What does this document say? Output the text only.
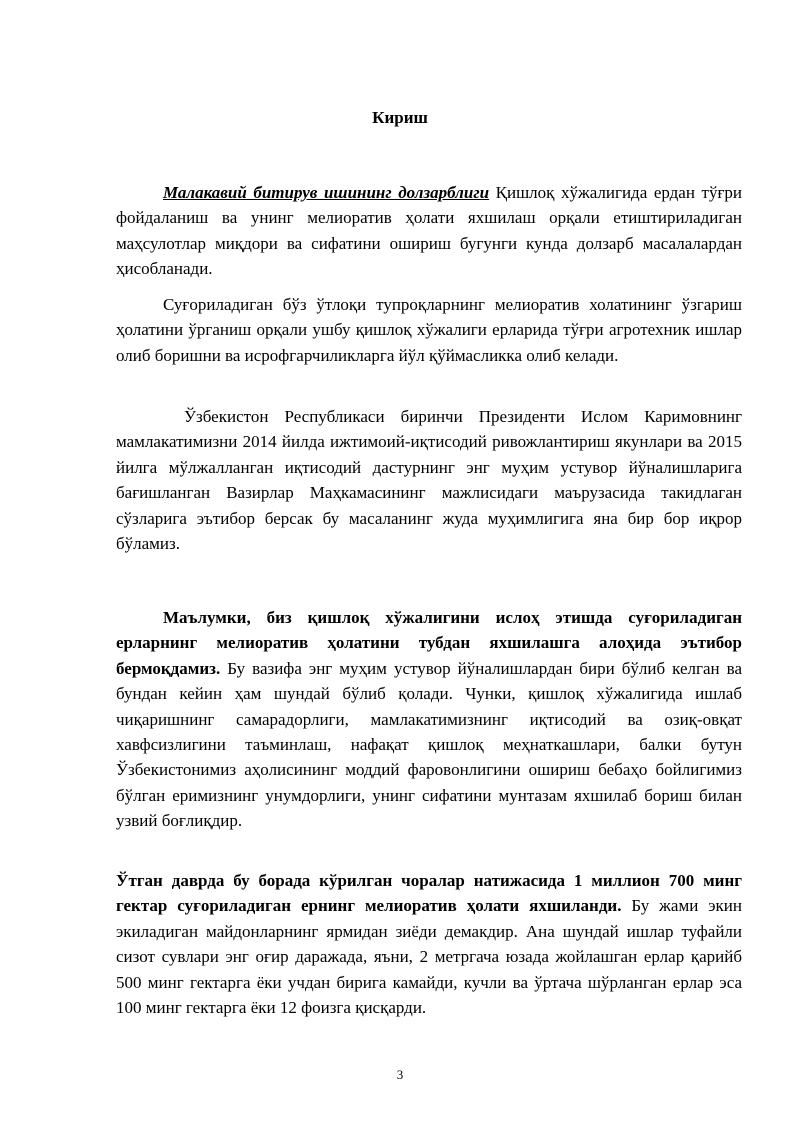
Кириш

Малакавий битирув ишининг долзарблиги Қишлоқ хўжалигида ердан тўғри фойдаланиш ва унинг мелиоратив ҳолати яхшилаш орқали етиштириладиган маҳсулотлар миқдори ва сифатини ошириш бугунги кунда долзарб масалалардан ҳисобланади.

Суғориладиган бўз ўтлоқи тупроқларнинг мелиоратив холатининг ўзгариш ҳолатини ўрганиш орқали ушбу қишлоқ хўжалиги ерларида тўғри агротехник ишлар олиб боришни ва исрофгарчиликларга йўл қўймасликка олиб келади.

Ўзбекистон Республикаси биринчи Президенти Ислом Каримовнинг мамлакатимизни 2014 йилда ижтимоий-иқтисодий ривожлантириш якунлари ва 2015 йилга мўлжалланган иқтисодий дастурнинг энг муҳим устувор йўналишларига бағишланган Вазирлар Маҳкамасининг мажлисидаги маърузасида такидлаган сўзларига эътибор берсак бу масаланинг жуда муҳимлигига яна бир бор иқрор бўламиз.

Маълумки, биз қишлоқ хўжалигини ислоҳ этишда суғориладиган ерларнинг мелиоратив ҳолатини тубдан яхшилашга алоҳида эътибор бермоқдамиз. Бу вазифа энг муҳим устувор йўналишлардан бири бўлиб келган ва бундан кейин ҳам шундай бўлиб қолади. Чунки, қишлоқ хўжалигида ишлаб чиқаришнинг самарадорлиги, мамлакатимизнинг иқтисодий ва озиқ-овқат хавфсизлигини таъминлаш, нафақат қишлоқ меҳнаткашлари, балки бутун Ўзбекистонимиз аҳолисининг моддий фаровонлигини ошириш бебаҳо бойлигимиз бўлган еримизнинг унумдорлиги, унинг сифатини мунтазам яхшилаб бориш билан узвий боғлиқдир.

Ўтган даврда бу борада кўрилган чоралар натижасида 1 миллион 700 минг гектар суғориладиган ернинг мелиоратив ҳолати яхшиланди. Бу жами экин экиладиган майдонларнинг ярмидан зиёди демакдир. Ана шундай ишлар туфайли сизот сувлари энг оғир даражада, яъни, 2 метргача юзада жойлашган ерлар қарийб 500 минг гектарга ёки учдан бирига камайди, кучли ва ўртача шўрланган ерлар эса 100 минг гектарга ёки 12 фоизга қисқарди.

3
